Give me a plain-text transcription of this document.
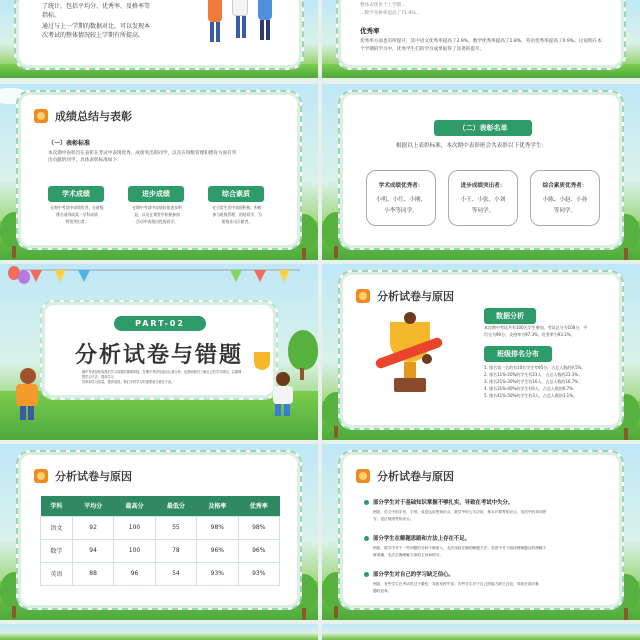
了统计，包括平均分、优秀率、及格率等
指标。
通过与上一学期的数据对比，可以发现本
次考试的整体情况较上学期有所提高。
整体表现优于上学期...
...数学及格率提高了71.9%...
优秀率
优秀率方面也有所提升，其中语文优秀率提高了2.9%，数学优秀率提高了1.8%，英语优秀率提高了0.9%。这说明在本
个学期的学习中，优秀学生们的学习成果取得了显著的提升。
成绩总结与表彰
（一）表彰标准
本次期中表彰旨在表彰在考试中表现优秀、成绩突出的同学，以及在班级管理和德育方面有突
出贡献的同学。具体表彰标准如下：
学术成绩	进步成绩	综合素质
在期中考试中成绩优秀，在班级
排名前列或某一学科成绩
特别突出者。
在期中考试中成绩较前进步明
显，以及在课堂中积极参加
活动中表现出色的同学。
在日常生活中表现积极，积极
参与班级管理，团结同学，为
班级作出贡献者。
（二）表彰名单
根据以上表彰标准，本次期中表彰班会共表彰以下优秀学生：
学术成绩优秀者：
小明、小红、小刚、
小李等同学。
进步成绩突出者：
小王、小张、小刘
等同学。
综合素质优秀者：
小陈、小赵、小孙
等同学。
PART-02
分析试卷与错题
期中考试是检验我们学习成果的重要阶段，在期中考试结束后认真分析，也帮助我们了解自己的学习情况，以便调整学习方法，提高学习
效率和学习质量，提高成绩。我们平时学习的重要意义就在于此。
分析试卷与原因
数据分析
本次期中考试共有100名学生参加，考试总分为100分，平
均分为90分，及格率为97.3%，优秀率为93.3%。
班级排名分布
1. 排名第一名的有10名学生考95分，占总人数的9.5%；
2. 排名11%-20%的学生有23人，占总人数的23.3%；
3. 排名21%-30%的学生有16人，占总人数的16.7%；
4. 排名31%-40%的学生有6人，占总人数的6.7%；
5. 排名41%-50%的学生有3人，占总人数的3.1%。
分析试卷与原因
学科	平均分	最高分	最低分	及格率	优秀率
语文	92	100	55	98%	98%
数学	94	100	78	96%	96%
英语	88	96	54	93%	93%
分析试卷与原因
部分学生对于基础知识掌握不够扎实，导致在考试中失分。
例如，语文中的字音、字形、成语运用等知识点，数学中的公式应用，基本计算等知识点，英语中的单词拼
写、语法规则等知识点。
部分学生在解题思路和方法上存在不足。
例如，数学中对于一些问题的分析不够深入，无法找到正确的解题方法；英语中对于阅读理解题目的理解不
够准确，无法正确理解文章的主旨和细节。
部分学生对自己的学习缺乏信心。
例如，有些学生在考试时过于紧张，导致发挥失常；有些学生对于自己的能力缺乏自信，导致在面对难
题时放弃。
